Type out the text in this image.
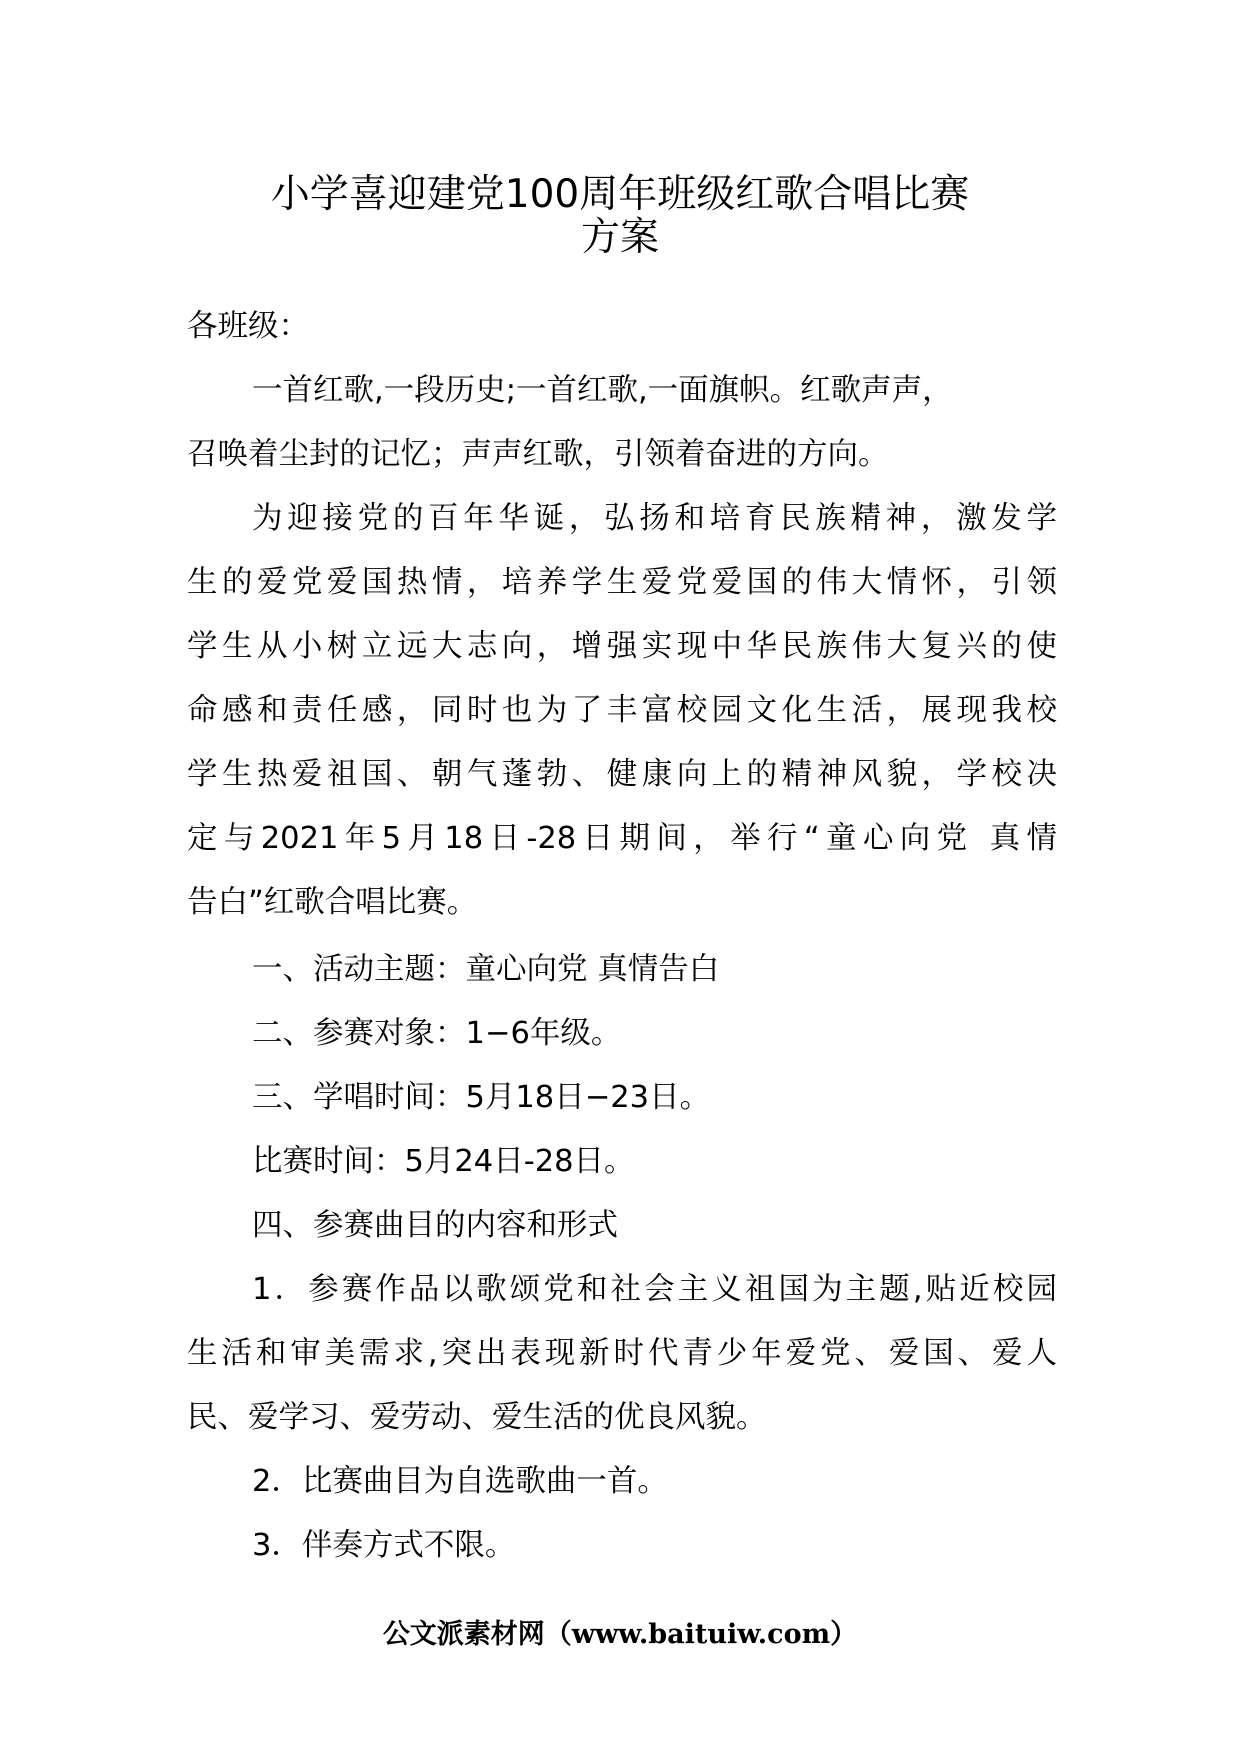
小学喜迎建党100周年班级红歌合唱比赛
方案

各班级：

一首红歌,一段历史;一首红歌,一面旗帜。红歌声声，

召唤着尘封的记忆；声声红歌，引领着奋进的方向。

为迎接党的百年华诞，弘扬和培育民族精神，激发学

生的爱党爱国热情，培养学生爱党爱国的伟大情怀，引领

学生从小树立远大志向，增强实现中华民族伟大复兴的使

命感和责任感，同时也为了丰富校园文化生活，展现我校

学生热爱祖国、朝气蓬勃、健康向上的精神风貌，学校决

定与2021年5月18日-28日期间，举行“童心向党 真情

告白”红歌合唱比赛。

一、活动主题：童心向党 真情告白

二、参赛对象：1−6年级。

三、学唱时间：5月18日−23日。

比赛时间：5月24日-28日。

四、参赛曲目的内容和形式

1．参赛作品以歌颂党和社会主义祖国为主题,贴近校园

生活和审美需求,突出表现新时代青少年爱党、爱国、爱人

民、爱学习、爱劳动、爱生活的优良风貌。

2．比赛曲目为自选歌曲一首。

3．伴奏方式不限。

公文派素材网（www.baituiw.com）
